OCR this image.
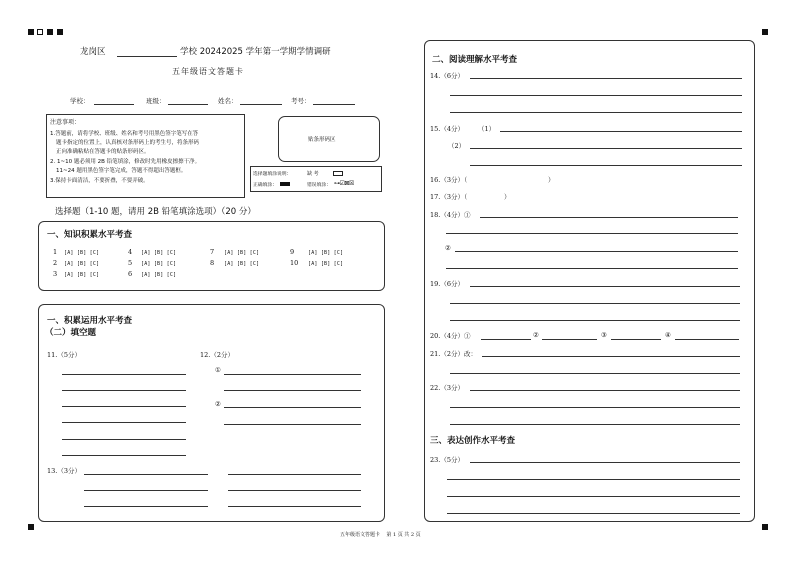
龙岗区	学校 20242025 学年第一学期学情调研
五年级语文答题卡
学校：	班级：	姓名：	考号：
注意事项：
1.答题前，请将学校、班级、姓名和考号用黑色签字笔写在答
题卡指定的位置上，认真核对条形码上的考生号，将条形码
正向准确粘贴在答题卡的贴条形码区。
2. 1~10 题必须用 2B 铅笔填涂，修改时先用橡皮擦擦干净。
11~24 题用黑色签字笔完成，答题不得超出答题框。
3.保持卡面清洁，不要折叠，不要弄破。
贴条形码区
选择题填涂说明：	缺 考
正确填涂：	错误填涂： ⊶☑⊠☒
选择题（1-10 题，请用 2B 铅笔填涂选项）（20 分）
一、知识积累水平考查
1 [A] [B] [C]
2 [A] [B] [C]
3 [A] [B] [C]
4 [A] [B] [C]
5 [A] [B] [C]
6 [A] [B] [C]
7 [A] [B] [C]
8 [A] [B] [C]
9	[A] [B] [C]
10 [A] [B] [C]
一、积累运用水平考查
（二）填空题
11.（5分）	12.（2分）
①
②
13.（3分）
二、阅读理解水平考查
14.（6分）
15.（4分） （1）
（2）
16.（3分）（	）
17.（3分）（	）
18.（4分）①
②
19.（6分）
20.（4分）①	②	③	④
21.（2分）改：
22.（3分）
三、表达创作水平考查
23.（5分）
五年级语文答题卡    第 1 页 共 2 页
